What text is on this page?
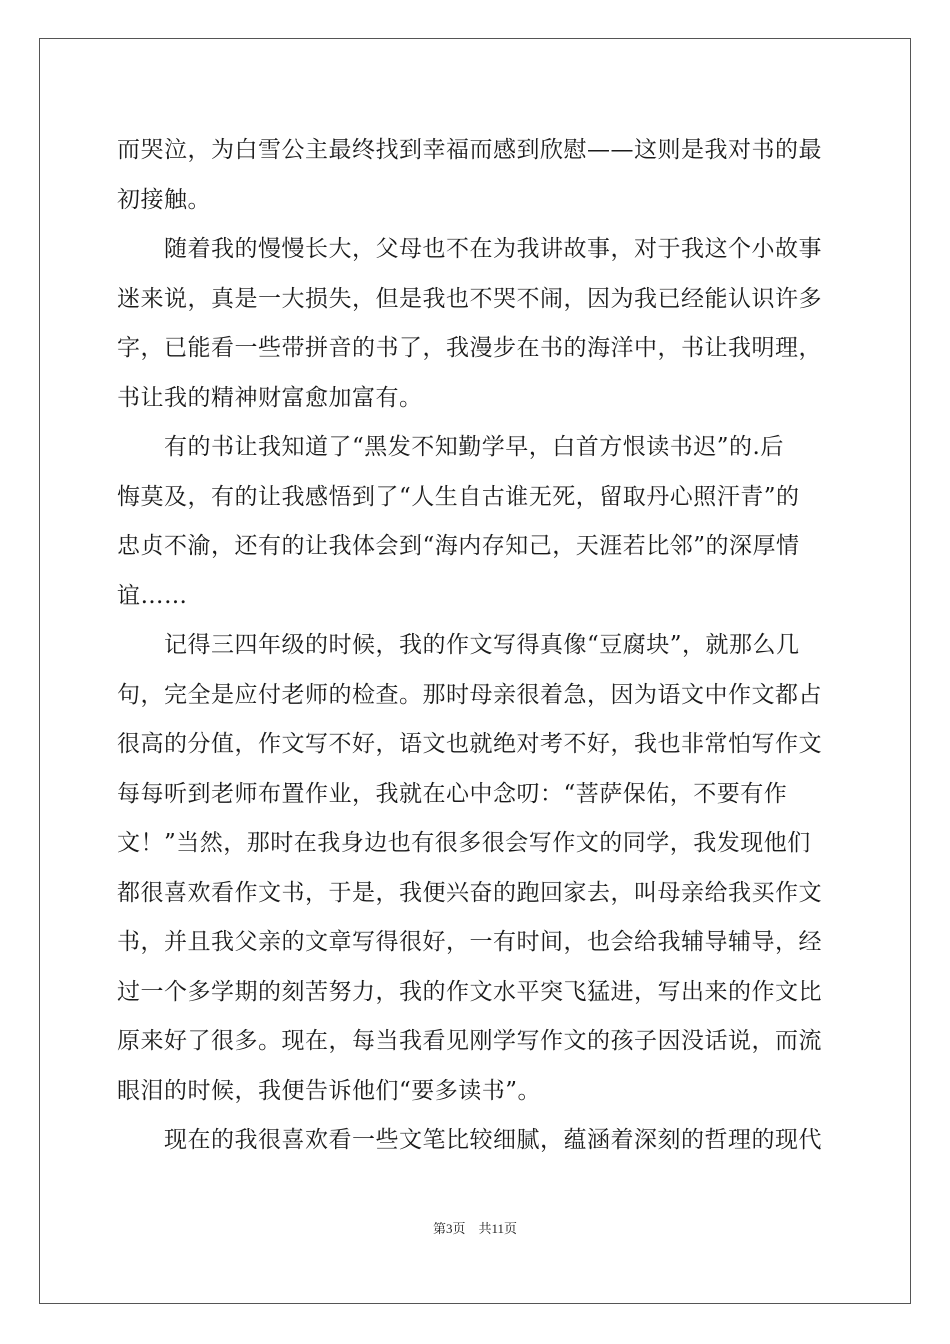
而哭泣，为白雪公主最终找到幸福而感到欣慰——这则是我对书的最
初接触。
随着我的慢慢长大，父母也不在为我讲故事，对于我这个小故事
迷来说，真是一大损失，但是我也不哭不闹，因为我已经能认识许多
字，已能看一些带拼音的书了，我漫步在书的海洋中，书让我明理，
书让我的精神财富愈加富有。
有的书让我知道了“黑发不知勤学早，白首方恨读书迟”的.后
悔莫及，有的让我感悟到了“人生自古谁无死，留取丹心照汗青”的
忠贞不渝，还有的让我体会到“海内存知己，天涯若比邻”的深厚情
谊……
记得三四年级的时候，我的作文写得真像“豆腐块”，就那么几
句，完全是应付老师的检查。那时母亲很着急，因为语文中作文都占
很高的分值，作文写不好，语文也就绝对考不好，我也非常怕写作文
每每听到老师布置作业，我就在心中念叨：“菩萨保佑，不要有作
文！”当然，那时在我身边也有很多很会写作文的同学，我发现他们
都很喜欢看作文书，于是，我便兴奋的跑回家去，叫母亲给我买作文
书，并且我父亲的文章写得很好，一有时间，也会给我辅导辅导，经
过一个多学期的刻苦努力，我的作文水平突飞猛进，写出来的作文比
原来好了很多。现在，每当我看见刚学写作文的孩子因没话说，而流
眼泪的时候，我便告诉他们“要多读书”。
现在的我很喜欢看一些文笔比较细腻，蕴涵着深刻的哲理的现代
第3页　共11页
